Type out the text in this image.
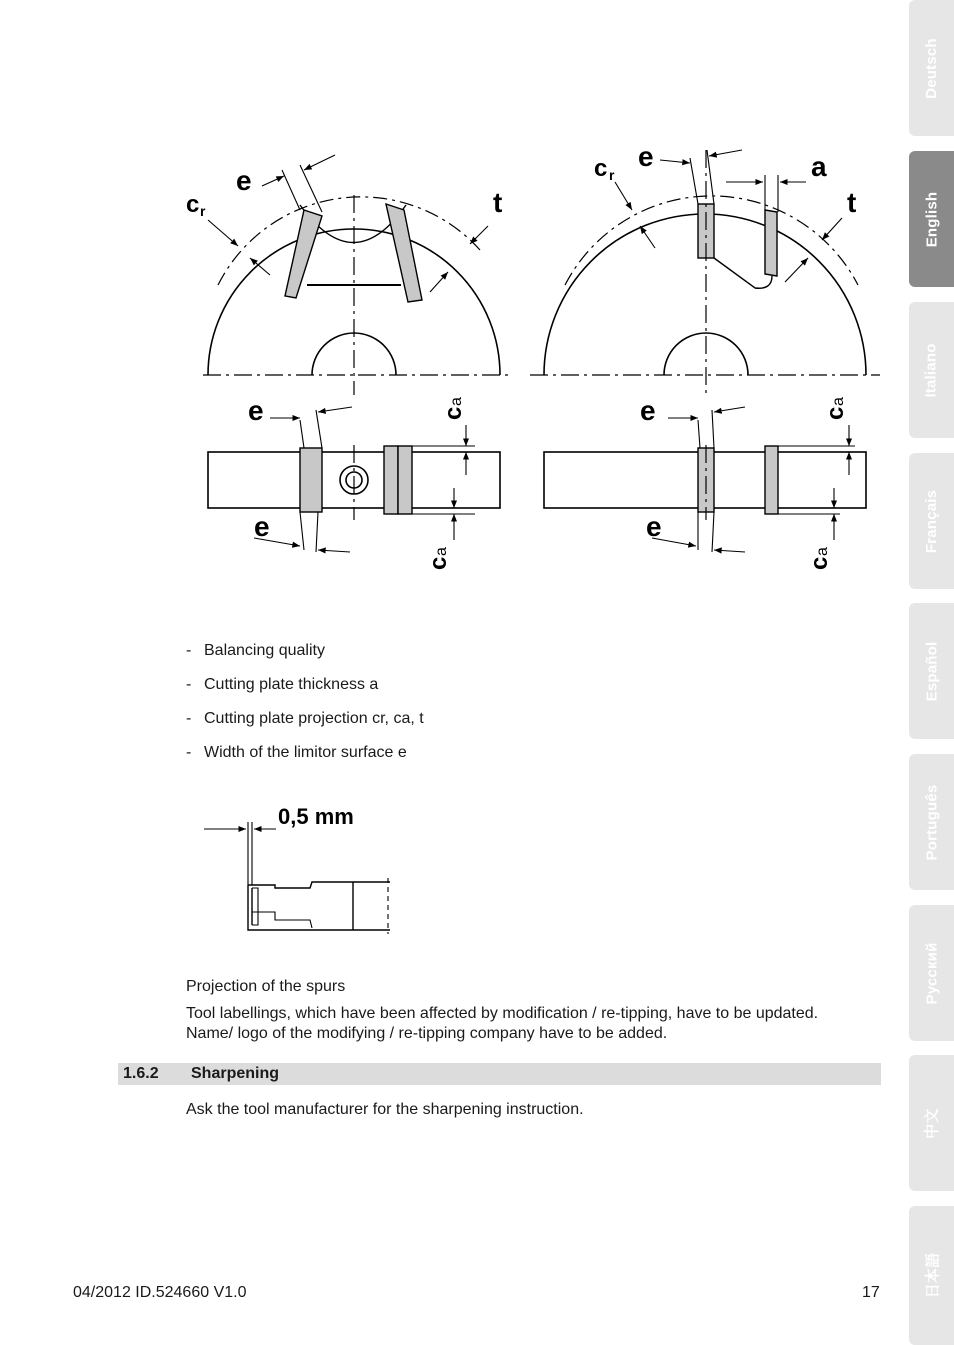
Deutsch
English
Italiano
Français
Español
Português
Русский
中文
日本語
c r
e
t
c r
e	a
t
e
e
e
e
c
a
c
a
c
a
c
a
- Balancing quality
- Cutting plate thickness a
- Cutting plate projection cr, ca, t
- Width of the limitor surface e
0,5 mm
Projection of the spurs
Tool labellings, which have been affected by modification / re-tipping, have to be updated.
Name/ logo of the modifying / re-tipping company have to be added.
1.6.2 Sharpening
Ask the tool manufacturer for the sharpening instruction.
04/2012 ID.524660 V1.0	17
